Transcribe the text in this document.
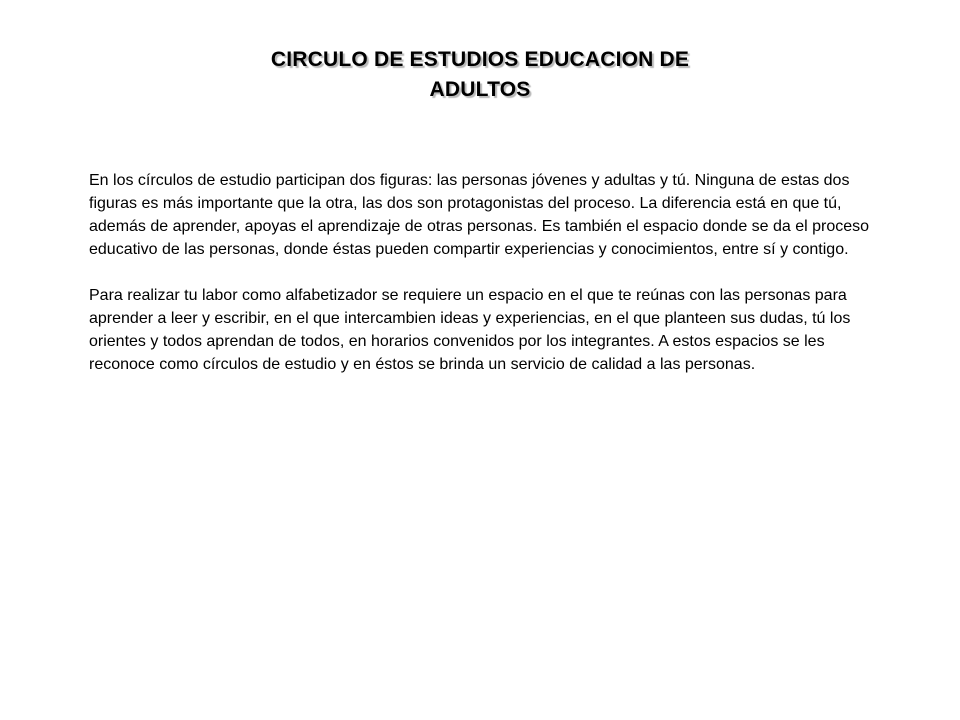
CIRCULO DE ESTUDIOS EDUCACION DE
ADULTOS

En los círculos de estudio participan dos figuras: las personas jóvenes y adultas y tú. Ninguna de estas dos figuras es más importante que la otra, las dos son protagonistas del proceso. La diferencia está en que tú, además de aprender, apoyas el aprendizaje de otras personas. Es también el espacio donde se da el proceso educativo de las personas, donde éstas pueden compartir experiencias y conocimientos, entre sí y contigo.

Para realizar tu labor como alfabetizador se requiere un espacio en el que te reúnas con las personas para aprender a leer y escribir, en el que intercambien ideas y experiencias, en el que planteen sus dudas, tú los orientes y todos aprendan de todos, en horarios convenidos por los integrantes. A estos espacios se les reconoce como círculos de estudio y en éstos se brinda un servicio de calidad a las personas.
